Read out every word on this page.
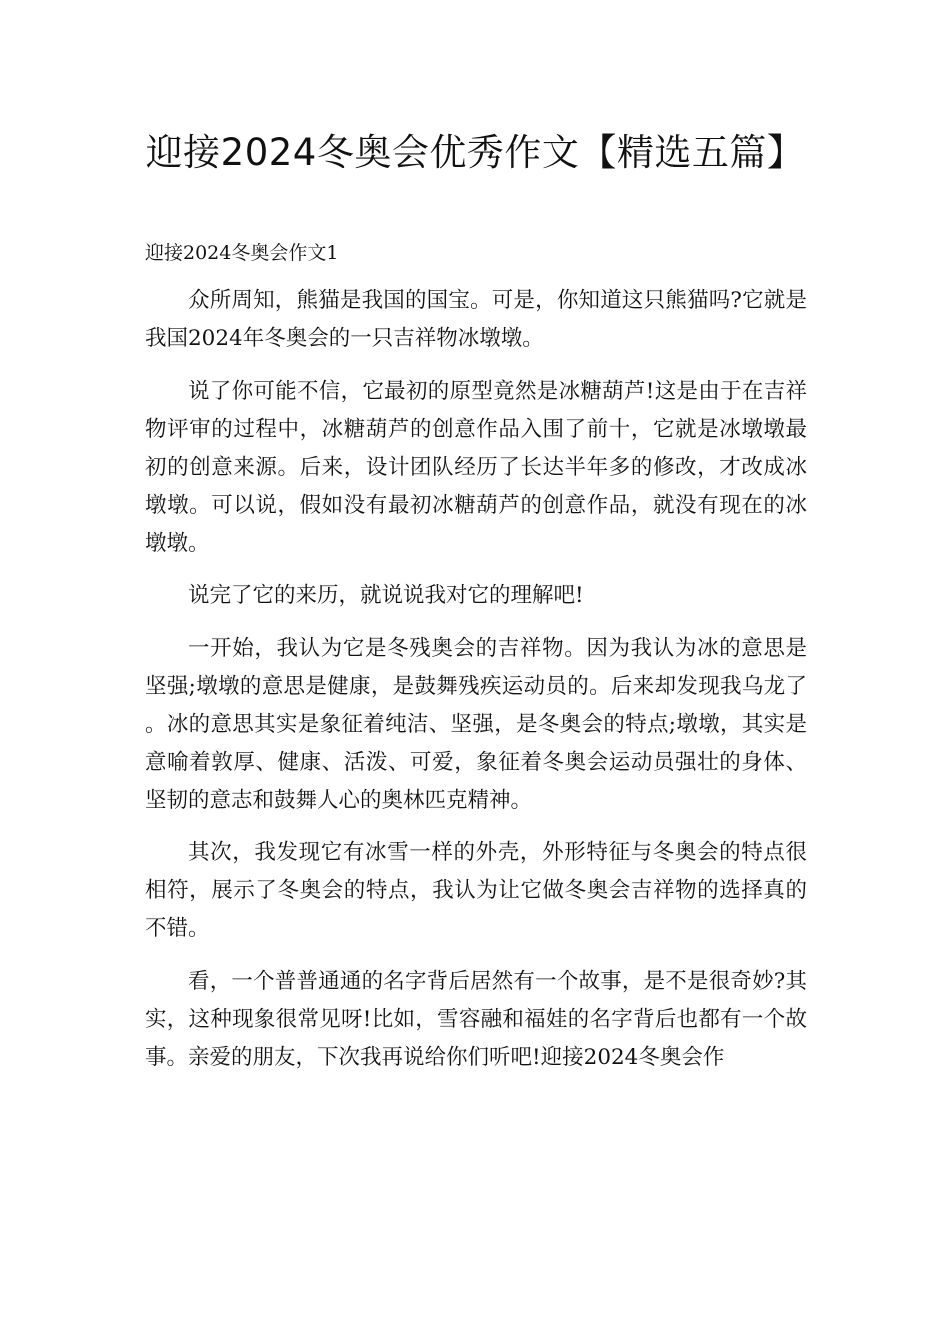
迎接2024冬奥会优秀作文【精选五篇】

迎接2024冬奥会作文1

众所周知，熊猫是我国的国宝。可是，你知道这只熊猫吗?它就是我国2024年冬奥会的一只吉祥物冰墩墩。

说了你可能不信，它最初的原型竟然是冰糖葫芦!这是由于在吉祥物评审的过程中，冰糖葫芦的创意作品入围了前十，它就是冰墩墩最初的创意来源。后来，设计团队经历了长达半年多的修改，才改成冰墩墩。可以说，假如没有最初冰糖葫芦的创意作品，就没有现在的冰墩墩。

说完了它的来历，就说说我对它的理解吧!

一开始，我认为它是冬残奥会的吉祥物。因为我认为冰的意思是坚强;墩墩的意思是健康，是鼓舞残疾运动员的。后来却发现我乌龙了。冰的意思其实是象征着纯洁、坚强，是冬奥会的特点;墩墩，其实是意喻着敦厚、健康、活泼、可爱，象征着冬奥会运动员强壮的身体、坚韧的意志和鼓舞人心的奥林匹克精神。

其次，我发现它有冰雪一样的外壳，外形特征与冬奥会的特点很相符，展示了冬奥会的特点，我认为让它做冬奥会吉祥物的选择真的不错。

看，一个普普通通的名字背后居然有一个故事，是不是很奇妙?其实，这种现象很常见呀!比如，雪容融和福娃的名字背后也都有一个故事。亲爱的朋友，下次我再说给你们听吧!迎接2024冬奥会作
